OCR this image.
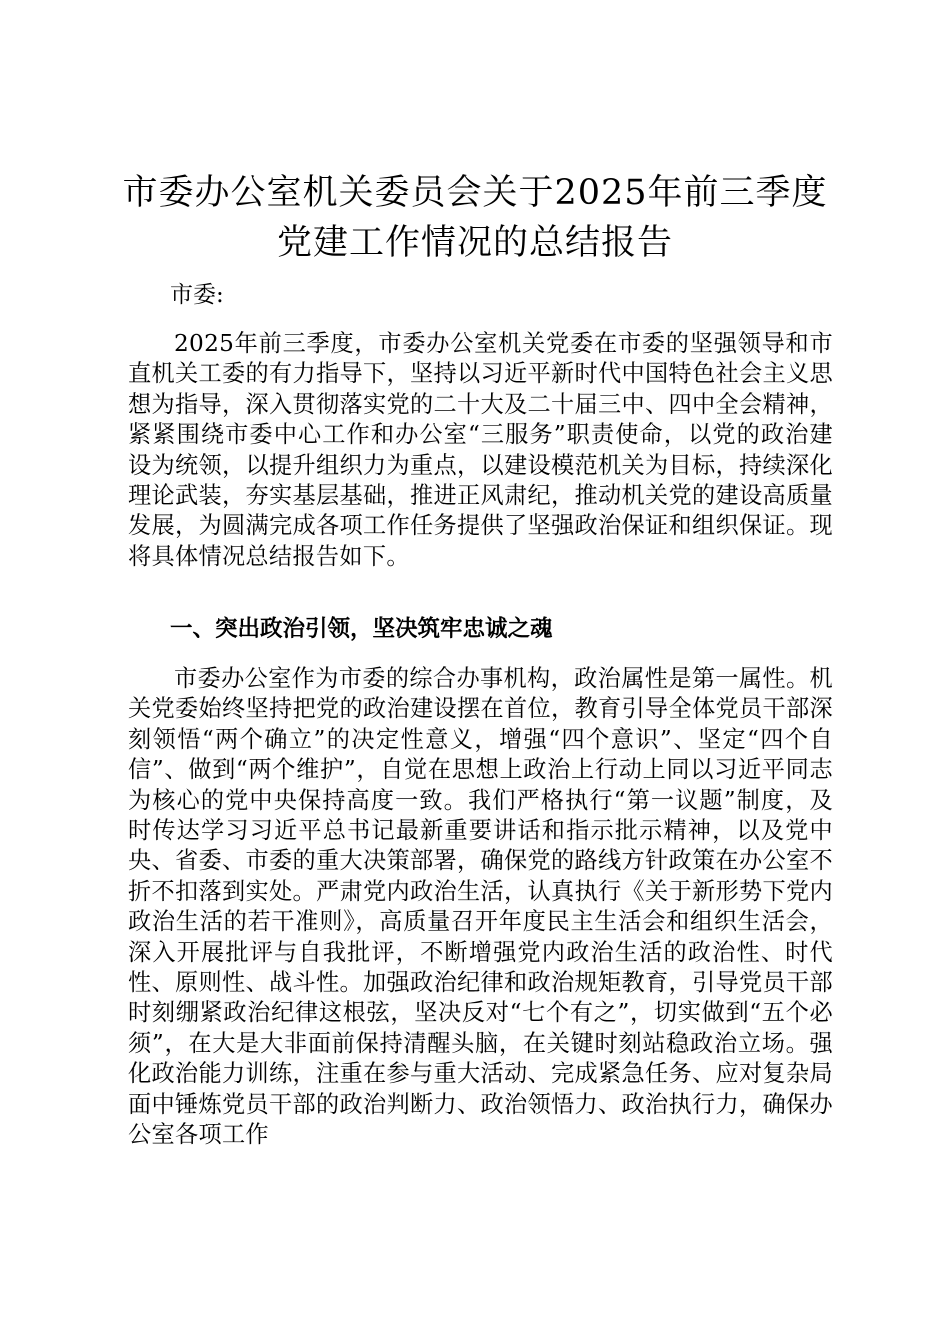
市委办公室机关委员会关于2025年前三季度
党建工作情况的总结报告
市委:
2025年前三季度，市委办公室机关党委在市委的坚强领导和市直机关工委的有力指导下，坚持以习近平新时代中国特色社会主义思想为指导，深入贯彻落实党的二十大及二十届三中、四中全会精神，紧紧围绕市委中心工作和办公室“三服务”职责使命，以党的政治建设为统领，以提升组织力为重点，以建设模范机关为目标，持续深化理论武装，夯实基层基础，推进正风肃纪，推动机关党的建设高质量发展，为圆满完成各项工作任务提供了坚强政治保证和组织保证。现将具体情况总结报告如下。
一、突出政治引领，坚决筑牢忠诚之魂
市委办公室作为市委的综合办事机构，政治属性是第一属性。机关党委始终坚持把党的政治建设摆在首位，教育引导全体党员干部深刻领悟“两个确立”的决定性意义，增强“四个意识”、坚定“四个自信”、做到“两个维护”，自觉在思想上政治上行动上同以习近平同志为核心的党中央保持高度一致。我们严格执行“第一议题”制度，及时传达学习习近平总书记最新重要讲话和指示批示精神，以及党中央、省委、市委的重大决策部署，确保党的路线方针政策在办公室不折不扣落到实处。严肃党内政治生活，认真执行《关于新形势下党内政治生活的若干准则》，高质量召开年度民主生活会和组织生活会，深入开展批评与自我批评，不断增强党内政治生活的政治性、时代性、原则性、战斗性。加强政治纪律和政治规矩教育，引导党员干部时刻绷紧政治纪律这根弦，坚决反对“七个有之”，切实做到“五个必须”，在大是大非面前保持清醒头脑，在关键时刻站稳政治立场。强化政治能力训练，注重在参与重大活动、完成紧急任务、应对复杂局面中锤炼党员干部的政治判断力、政治领悟力、政治执行力，确保办公室各项工作
